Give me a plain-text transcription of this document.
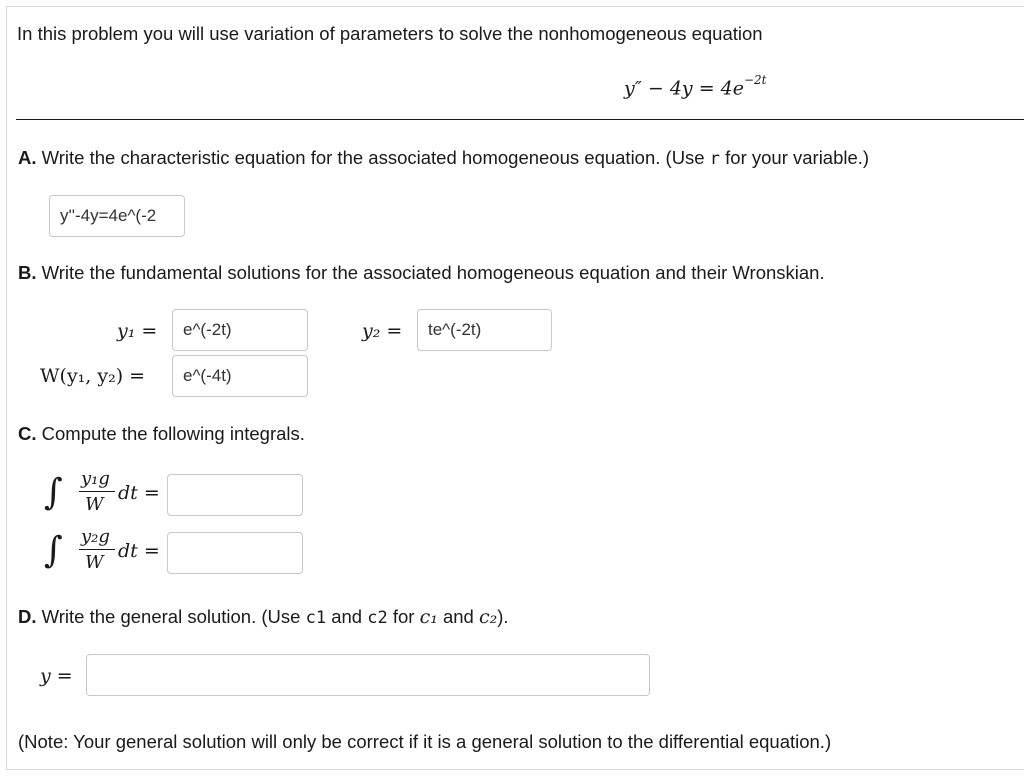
In this problem you will use variation of parameters to solve the nonhomogeneous equation
$y'' - 4y = 4e^{-2t}$
A. Write the characteristic equation for the associated homogeneous equation. (Use r for your variable.)
y''-4y=4e^(-2
B. Write the fundamental solutions for the associated homogeneous equation and their Wronskian.
y₁ =
e^(-2t)	y₂ =
te^(-2t)
W(y₁, y₂) =
e^(-4t)
C. Compute the following integrals.
∫ y₁g
W
dt =
∫ y₂g
W
dt =
D. Write the general solution. (Use c1 and c2 for c₁ and c₂).
y =
(Note: Your general solution will only be correct if it is a general solution to the differential equation.)
